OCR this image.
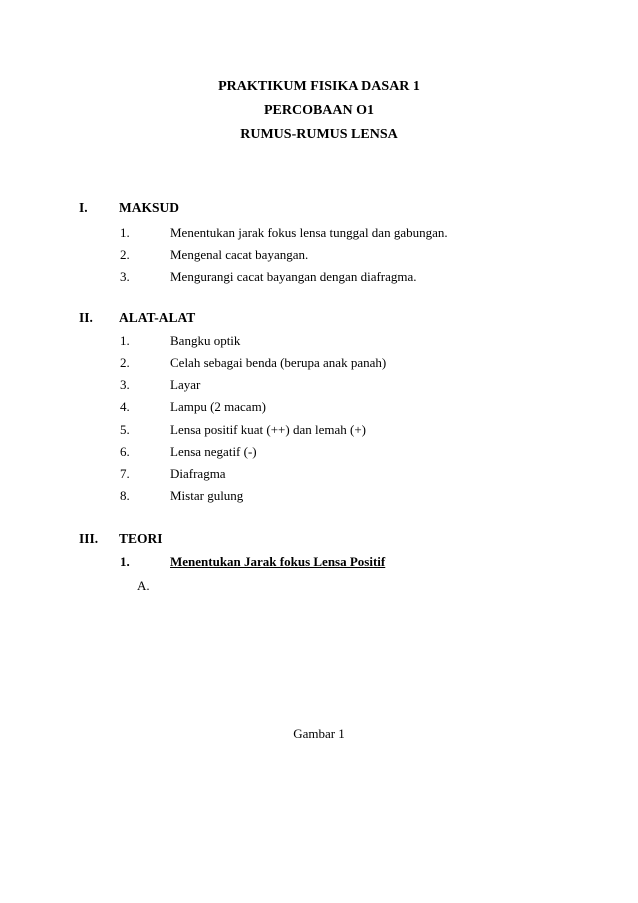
PRAKTIKUM FISIKA DASAR 1
PERCOBAAN O1
RUMUS-RUMUS LENSA
I. MAKSUD
1.	Menentukan jarak fokus lensa tunggal dan gabungan.
2.	Mengenal cacat bayangan.
3.	Mengurangi cacat bayangan dengan diafragma.
II. ALAT-ALAT
1.	Bangku optik
2.	Celah sebagai benda (berupa anak panah)
3.	Layar
4.	Lampu (2 macam)
5.	Lensa positif kuat (++) dan lemah (+)
6.	Lensa negatif (-)
7.	Diafragma
8.	Mistar gulung
III. TEORI
1.	Menentukan Jarak fokus Lensa Positif
A.
Gambar 1
